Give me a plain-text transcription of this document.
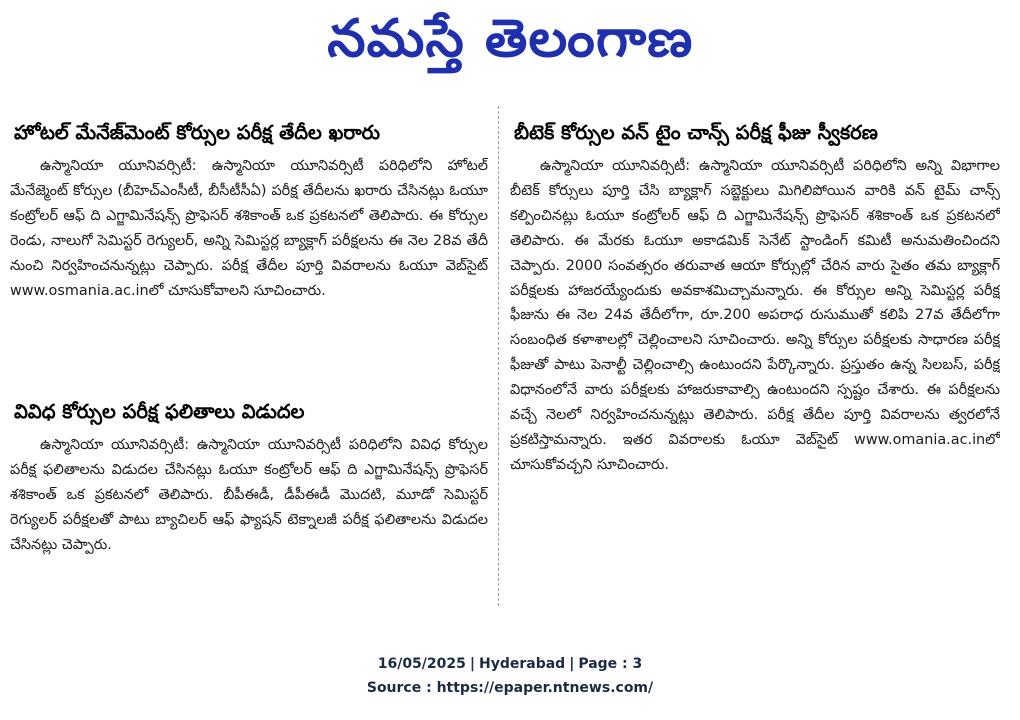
నమస్తే తెలంగాణ
హోటల్ మేనేజ్‌మెంట్ కోర్సుల పరీక్ష తేదీల ఖరారు

ఉస్మానియా యూనివర్సిటీ: ఉస్మానియా యూనివర్సిటీ పరిధిలోని హోటల్ మేనేజ్మెంట్ కోర్సుల (బీహెచ్ఎంసీటీ, బీసీటీసీఏ) పరీక్ష తేదీలను ఖరారు చేసినట్లు ఓయూ కంట్రోలర్ ఆఫ్ ది ఎగ్జామినేషన్స్ ప్రొఫెసర్ శశికాంత్ ఒక ప్రకటనలో తెలిపారు. ఈ కోర్సుల రెండు, నాలుగో సెమిస్టర్ రెగ్యులర్, అన్ని సెమిస్టర్ల బ్యాక్లాగ్ పరీక్షలను ఈ నెల 28వ తేదీ నుంచి నిర్వహించనున్నట్లు చెప్పారు. పరీక్ష తేదీల పూర్తి వివరాలను ఓయూ వెబ్‌సైట్ www.osmania.ac.inలో చూసుకోవాలని సూచించారు.

వివిధ కోర్సుల పరీక్ష ఫలితాలు విడుదల

ఉస్మానియా యూనివర్సిటీ: ఉస్మానియా యూనివర్సిటీ పరిధిలోని వివిధ కోర్సుల పరీక్ష ఫలితాలను విడుదల చేసినట్లు ఓయూ కంట్రోలర్ ఆఫ్ ది ఎగ్జామినేషన్స్ ప్రొఫెసర్ శశికాంత్ ఒక ప్రకటనలో తెలిపారు. బీపీఈడీ, డీపీఈడీ మొదటి, మూడో సెమిస్టర్ రెగ్యులర్ పరీక్షలతో పాటు బ్యాచిలర్ ఆఫ్ ఫ్యాషన్ టెక్నాలజీ పరీక్ష ఫలితాలను విడుదల చేసినట్లు చెప్పారు.

బీటెక్ కోర్సుల వన్ టైం చాన్స్ పరీక్ష ఫీజు స్వీకరణ

ఉస్మానియా యూనివర్సిటీ: ఉస్మానియా యూనివర్సిటీ పరిధిలోని అన్ని విభాగాల బీటెక్ కోర్సులు పూర్తి చేసి బ్యాక్లాగ్ సబ్జెక్టులు మిగిలిపోయిన వారికి వన్ టైమ్ చాన్స్ కల్పించినట్లు ఓయూ కంట్రోలర్ ఆఫ్ ది ఎగ్జామినేషన్స్ ప్రొఫెసర్ శశికాంత్ ఒక ప్రకటనలో తెలిపారు. ఈ మేరకు ఓయూ అకాడమిక్ సెనేట్ స్టాండింగ్ కమిటీ అనుమతించిందని చెప్పారు. 2000 సంవత్సరం తరువాత ఆయా కోర్సుల్లో చేరిన వారు సైతం తమ బ్యాక్లాగ్ పరీక్షలకు హాజరయ్యేందుకు అవకాశమిచ్చామన్నారు. ఈ కోర్సుల అన్ని సెమిస్టర్ల పరీక్ష ఫీజును ఈ నెల 24వ తేదీలోగా, రూ.200 అపరాధ రుసుముతో కలిపి 27వ తేదీలోగా సంబంధిత కళాశాలల్లో చెల్లించాలని సూచించారు. అన్ని కోర్సుల పరీక్షలకు సాధారణ పరీక్ష ఫీజుతో పాటు పెనాల్టీ చెల్లించాల్సి ఉంటుందని పేర్కొన్నారు. ప్రస్తుతం ఉన్న సిలబస్, పరీక్ష విధానంలోనే వారు పరీక్షలకు హాజరుకావాల్సి ఉంటుందని స్పష్టం చేశారు. ఈ పరీక్షలను వచ్చే నెలలో నిర్వహించనున్నట్లు తెలిపారు. పరీక్ష తేదీల పూర్తి వివరాలను త్వరలోనే ప్రకటిస్తామన్నారు. ఇతర వివరాలకు ఓయూ వెబ్‌సైట్ www.omania.ac.inలో చూసుకోవచ్చని సూచించారు.

16/05/2025 | Hyderabad | Page : 3
Source : https://epaper.ntnews.com/
